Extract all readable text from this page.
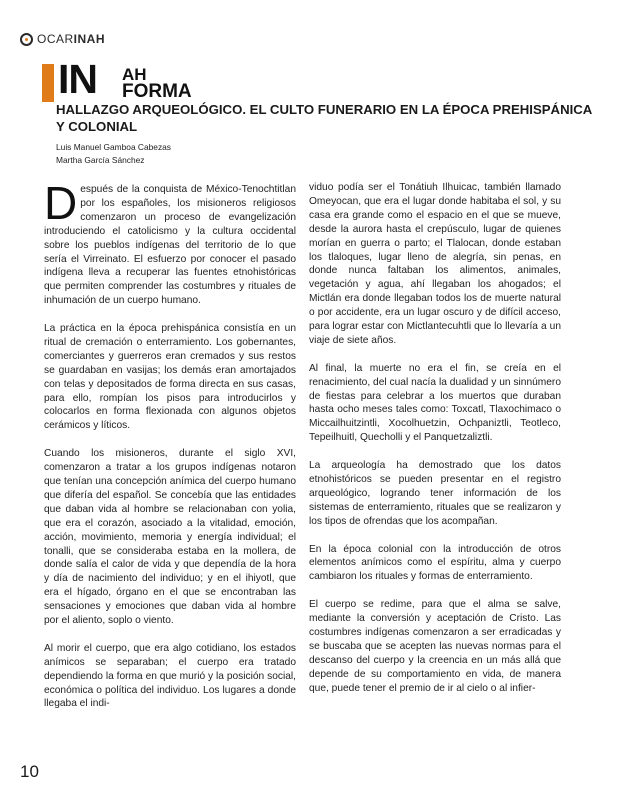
OCARINAH
IN AH
FORMA
HALLAZGO ARQUEOLÓGICO. EL CULTO FUNERARIO EN LA ÉPOCA PREHISPÁNICA Y COLONIAL
Luis Manuel Gamboa Cabezas
Martha García Sánchez

Después de la conquista de México-Tenochtitlan por los españoles, los misioneros religiosos comenzaron un proceso de evangelización introduciendo el catolicismo y la cultura occidental sobre los pueblos indígenas del territorio de lo que sería el Virreinato. El esfuerzo por conocer el pasado indígena lleva a recuperar las fuentes etnohistóricas que permiten comprender las costumbres y rituales de inhumación de un cuerpo humano.

La práctica en la época prehispánica consistía en un ritual de cremación o enterramiento. Los gobernantes, comerciantes y guerreros eran cremados y sus restos se guardaban en vasijas; los demás eran amortajados con telas y depositados de forma directa en sus casas, para ello, rompían los pisos para introducirlos y colocarlos en forma flexionada con algunos objetos cerámicos y líticos.

Cuando los misioneros, durante el siglo XVI, comenzaron a tratar a los grupos indígenas notaron que tenían una concepción anímica del cuerpo humano que difería del español. Se concebía que las entidades que daban vida al hombre se relacionaban con yolia, que era el corazón, asociado a la vitalidad, emoción, acción, movimiento, memoria y energía individual; el tonalli, que se consideraba estaba en la mollera, de donde salía el calor de vida y que dependía de la hora y día de nacimiento del individuo; y en el ihiyotl, que era el hígado, órgano en el que se encontraban las sensaciones y emociones que daban vida al hombre por el aliento, soplo o viento.

Al morir el cuerpo, que era algo cotidiano, los estados anímicos se separaban; el cuerpo era tratado dependiendo la forma en que murió y la posición social, económica o política del individuo. Los lugares a donde llegaba el indi-

viduo podía ser el Tonátiuh Ilhuicac, también llamado Omeyocan, que era el lugar donde habitaba el sol, y su casa era grande como el espacio en el que se mueve, desde la aurora hasta el crepúsculo, lugar de quienes morían en guerra o parto; el Tlalocan, donde estaban los tlaloques, lugar lleno de alegría, sin penas, en donde nunca faltaban los alimentos, animales, vegetación y agua, ahí llegaban los ahogados; el Mictlán era donde llegaban todos los de muerte natural o por accidente, era un lugar oscuro y de difícil acceso, para lograr estar con Mictlantecuhtli que lo llevaría a un viaje de siete años.

Al final, la muerte no era el fin, se creía en el renacimiento, del cual nacía la dualidad y un sinnúmero de fiestas para celebrar a los muertos que duraban hasta ocho meses tales como: Toxcatl, Tlaxochimaco o Miccailhuitzintli, Xocolhuetzin, Ochpaniztli, Teotleco, Tepeilhuitl, Quecholli y el Panquetzaliztli.

La arqueología ha demostrado que los datos etnohistóricos se pueden presentar en el registro arqueológico, logrando tener información de los sistemas de enterramiento, rituales que se realizaron y los tipos de ofrendas que los acompañan.

En la época colonial con la introducción de otros elementos anímicos como el espíritu, alma y cuerpo cambiaron los rituales y formas de enterramiento.

El cuerpo se redime, para que el alma se salve, mediante la conversión y aceptación de Cristo. Las costumbres indígenas comenzaron a ser erradicadas y se buscaba que se acepten las nuevas normas para el descanso del cuerpo y la creencia en un más allá que depende de su comportamiento en vida, de manera que, puede tener el premio de ir al cielo o al infier-

10
